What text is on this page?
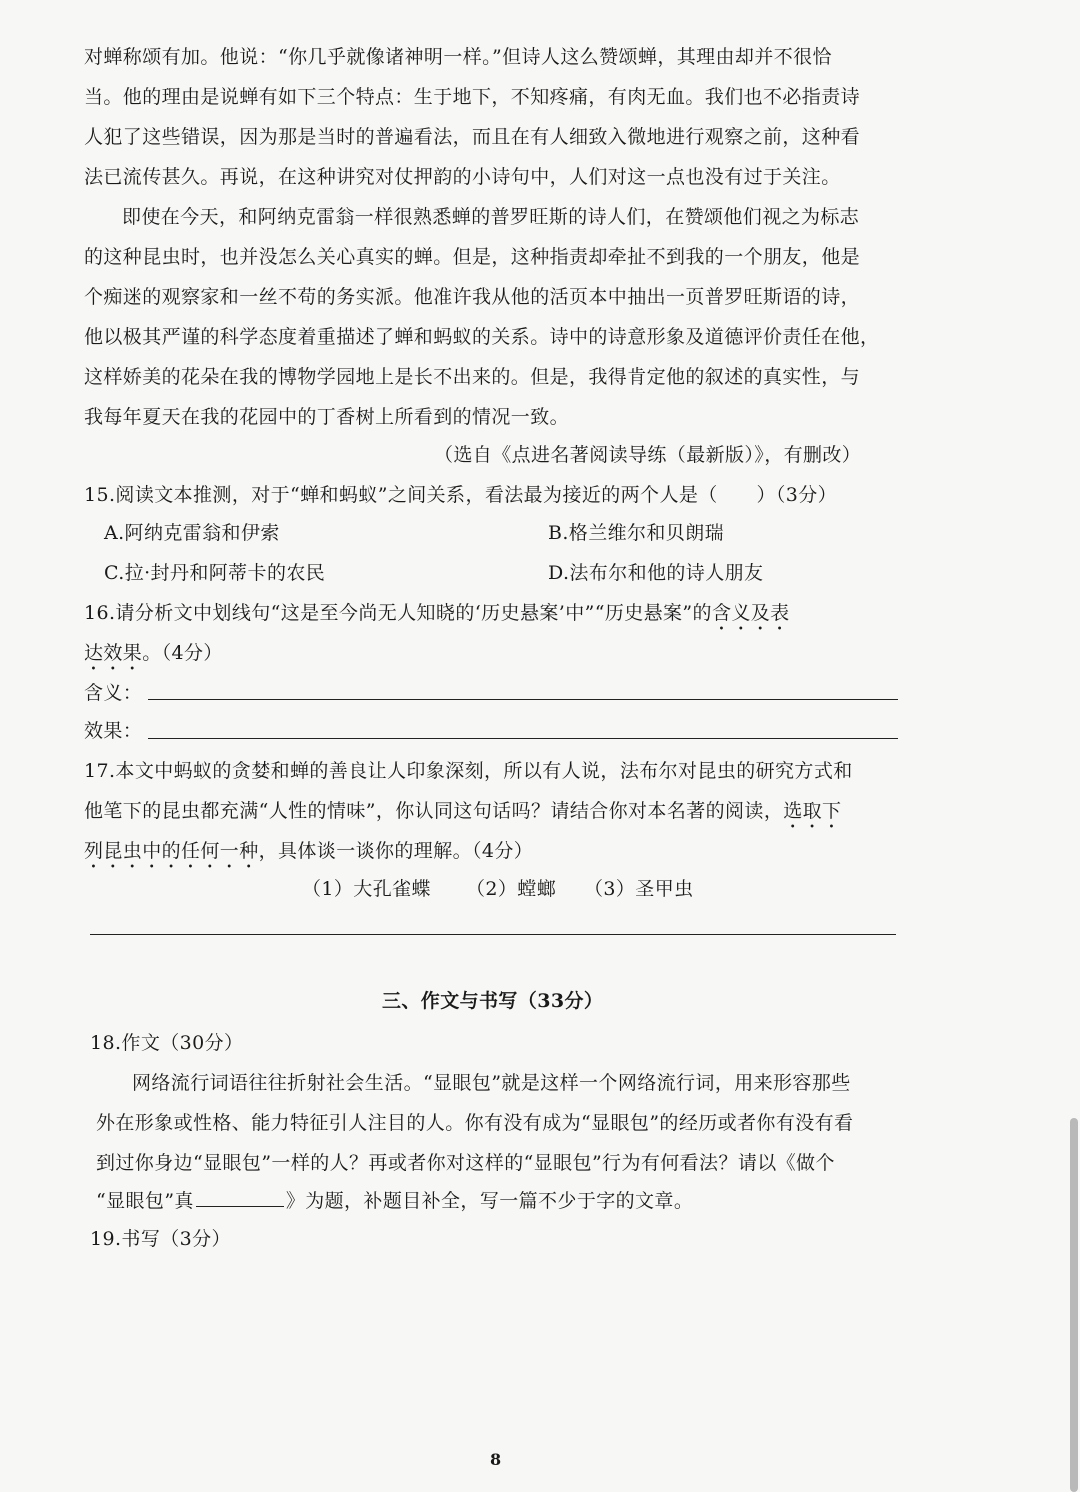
对蝉称颂有加。他说：“你几乎就像诸神明一样。”但诗人这么赞颂蝉，其理由却并不很恰
当。他的理由是说蝉有如下三个特点：生于地下，不知疼痛，有肉无血。我们也不必指责诗
人犯了这些错误，因为那是当时的普遍看法，而且在有人细致入微地进行观察之前，这种看
法已流传甚久。再说，在这种讲究对仗押韵的小诗句中，人们对这一点也没有过于关注。
即使在今天，和阿纳克雷翁一样很熟悉蝉的普罗旺斯的诗人们，在赞颂他们视之为标志
的这种昆虫时，也并没怎么关心真实的蝉。但是，这种指责却牵扯不到我的一个朋友，他是
个痴迷的观察家和一丝不苟的务实派。他准许我从他的活页本中抽出一页普罗旺斯语的诗，
他以极其严谨的科学态度着重描述了蝉和蚂蚁的关系。诗中的诗意形象及道德评价责任在他，
这样娇美的花朵在我的博物学园地上是长不出来的。但是，我得肯定他的叙述的真实性，与
我每年夏天在我的花园中的丁香树上所看到的情况一致。
（选自《点进名著阅读导练（最新版）》，有删改）
15.阅读文本推测，对于“蝉和蚂蚁”之间关系，看法最为接近的两个人是（　　）（3分）
A.阿纳克雷翁和伊索	B.格兰维尔和贝朗瑞
C.拉·封丹和阿蒂卡的农民	D.法布尔和他的诗人朋友
16.请分析文中划线句“这是至今尚无人知晓的‘历史悬案’中”“历史悬案”的含义及表
达效果。（4分）
含义：
效果：
17.本文中蚂蚁的贪婪和蝉的善良让人印象深刻，所以有人说，法布尔对昆虫的研究方式和
他笔下的昆虫都充满“人性的情味”，你认同这句话吗？请结合你对本名著的阅读，选取下
列昆虫中的任何一种，具体谈一谈你的理解。（4分）
（1）大孔雀蝶 （2）螳螂 （3）圣甲虫
三、作文与书写（33分）
18.作文（30分）
网络流行词语往往折射社会生活。“显眼包”就是这样一个网络流行词，用来形容那些
外在形象或性格、能力特征引人注目的人。你有没有成为“显眼包”的经历或者你有没有看
到过你身边“显眼包”一样的人？再或者你对这样的“显眼包”行为有何看法？请以《做个
“显眼包”真	》为题，补题目补全，写一篇不少于字的文章。
19.书写（3分）
8
